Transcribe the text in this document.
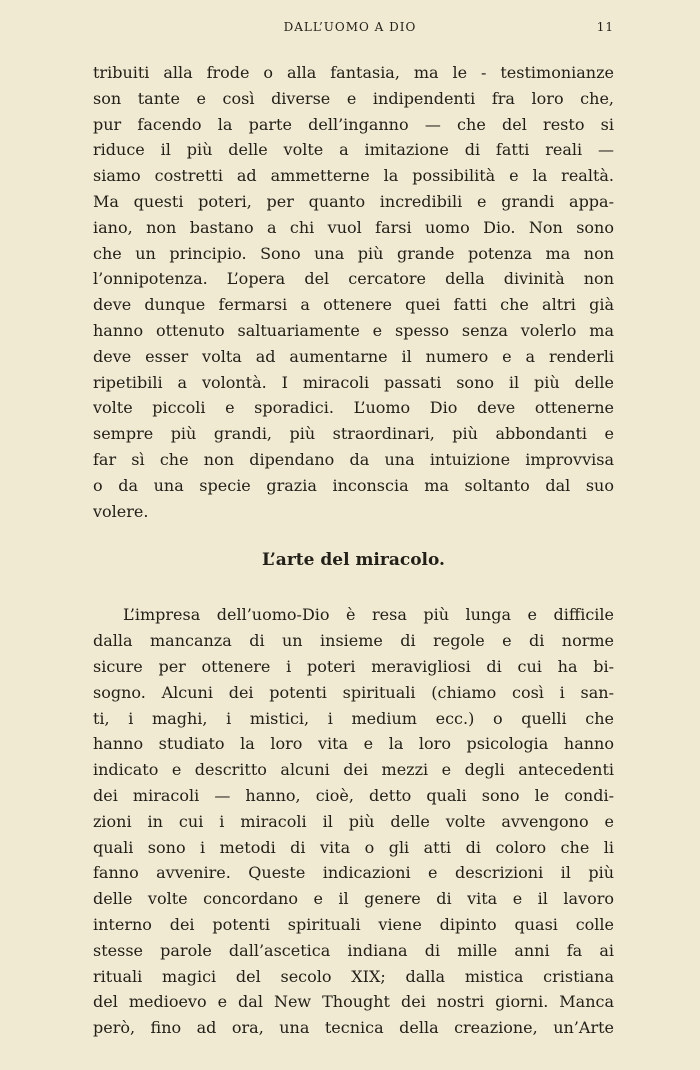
DALL’UOMO A DIO	11
tribuiti alla frode o alla fantasia, ma le - testimonianze
son tante e così diverse e indipendenti fra loro che,
pur facendo la parte dell’inganno — che del resto si
riduce il più delle volte a imitazione di fatti reali —
siamo costretti ad ammetterne la possibilità e la realtà.
Ma questi poteri, per quanto incredibili e grandi appa-
iano, non bastano a chi vuol farsi uomo Dio. Non sono
che un principio. Sono una più grande potenza ma non
l’onnipotenza. L’opera del cercatore della divinità non
deve dunque fermarsi a ottenere quei fatti che altri già
hanno ottenuto saltuariamente e spesso senza volerlo ma
deve esser volta ad aumentarne il numero e a renderli
ripetibili a volontà. I miracoli passati sono il più delle
volte piccoli e sporadici. L’uomo Dio deve ottenerne
sempre più grandi, più straordinari, più abbondanti e
far sì che non dipendano da una intuizione improvvisa
o da una specie grazia inconscia ma soltanto dal suo
volere.
L’arte del miracolo.
L’impresa dell’uomo-Dio è resa più lunga e difficile
dalla mancanza di un insieme di regole e di norme
sicure per ottenere i poteri meravigliosi di cui ha bi-
sogno. Alcuni dei potenti spirituali (chiamo così i san-
ti, i maghi, i mistici, i medium ecc.) o quelli che
hanno studiato la loro vita e la loro psicologia hanno
indicato e descritto alcuni dei mezzi e degli antecedenti
dei miracoli — hanno, cioè, detto quali sono le condi-
zioni in cui i miracoli il più delle volte avvengono e
quali sono i metodi di vita o gli atti di coloro che li
fanno avvenire. Queste indicazioni e descrizioni il più
delle volte concordano e il genere di vita e il lavoro
interno dei potenti spirituali viene dipinto quasi colle
stesse parole dall’ascetica indiana di mille anni fa ai
rituali magici del secolo XIX; dalla mistica cristiana
del medioevo e dal New Thought dei nostri giorni. Manca
però, fino ad ora, una tecnica della creazione, un’Arte
